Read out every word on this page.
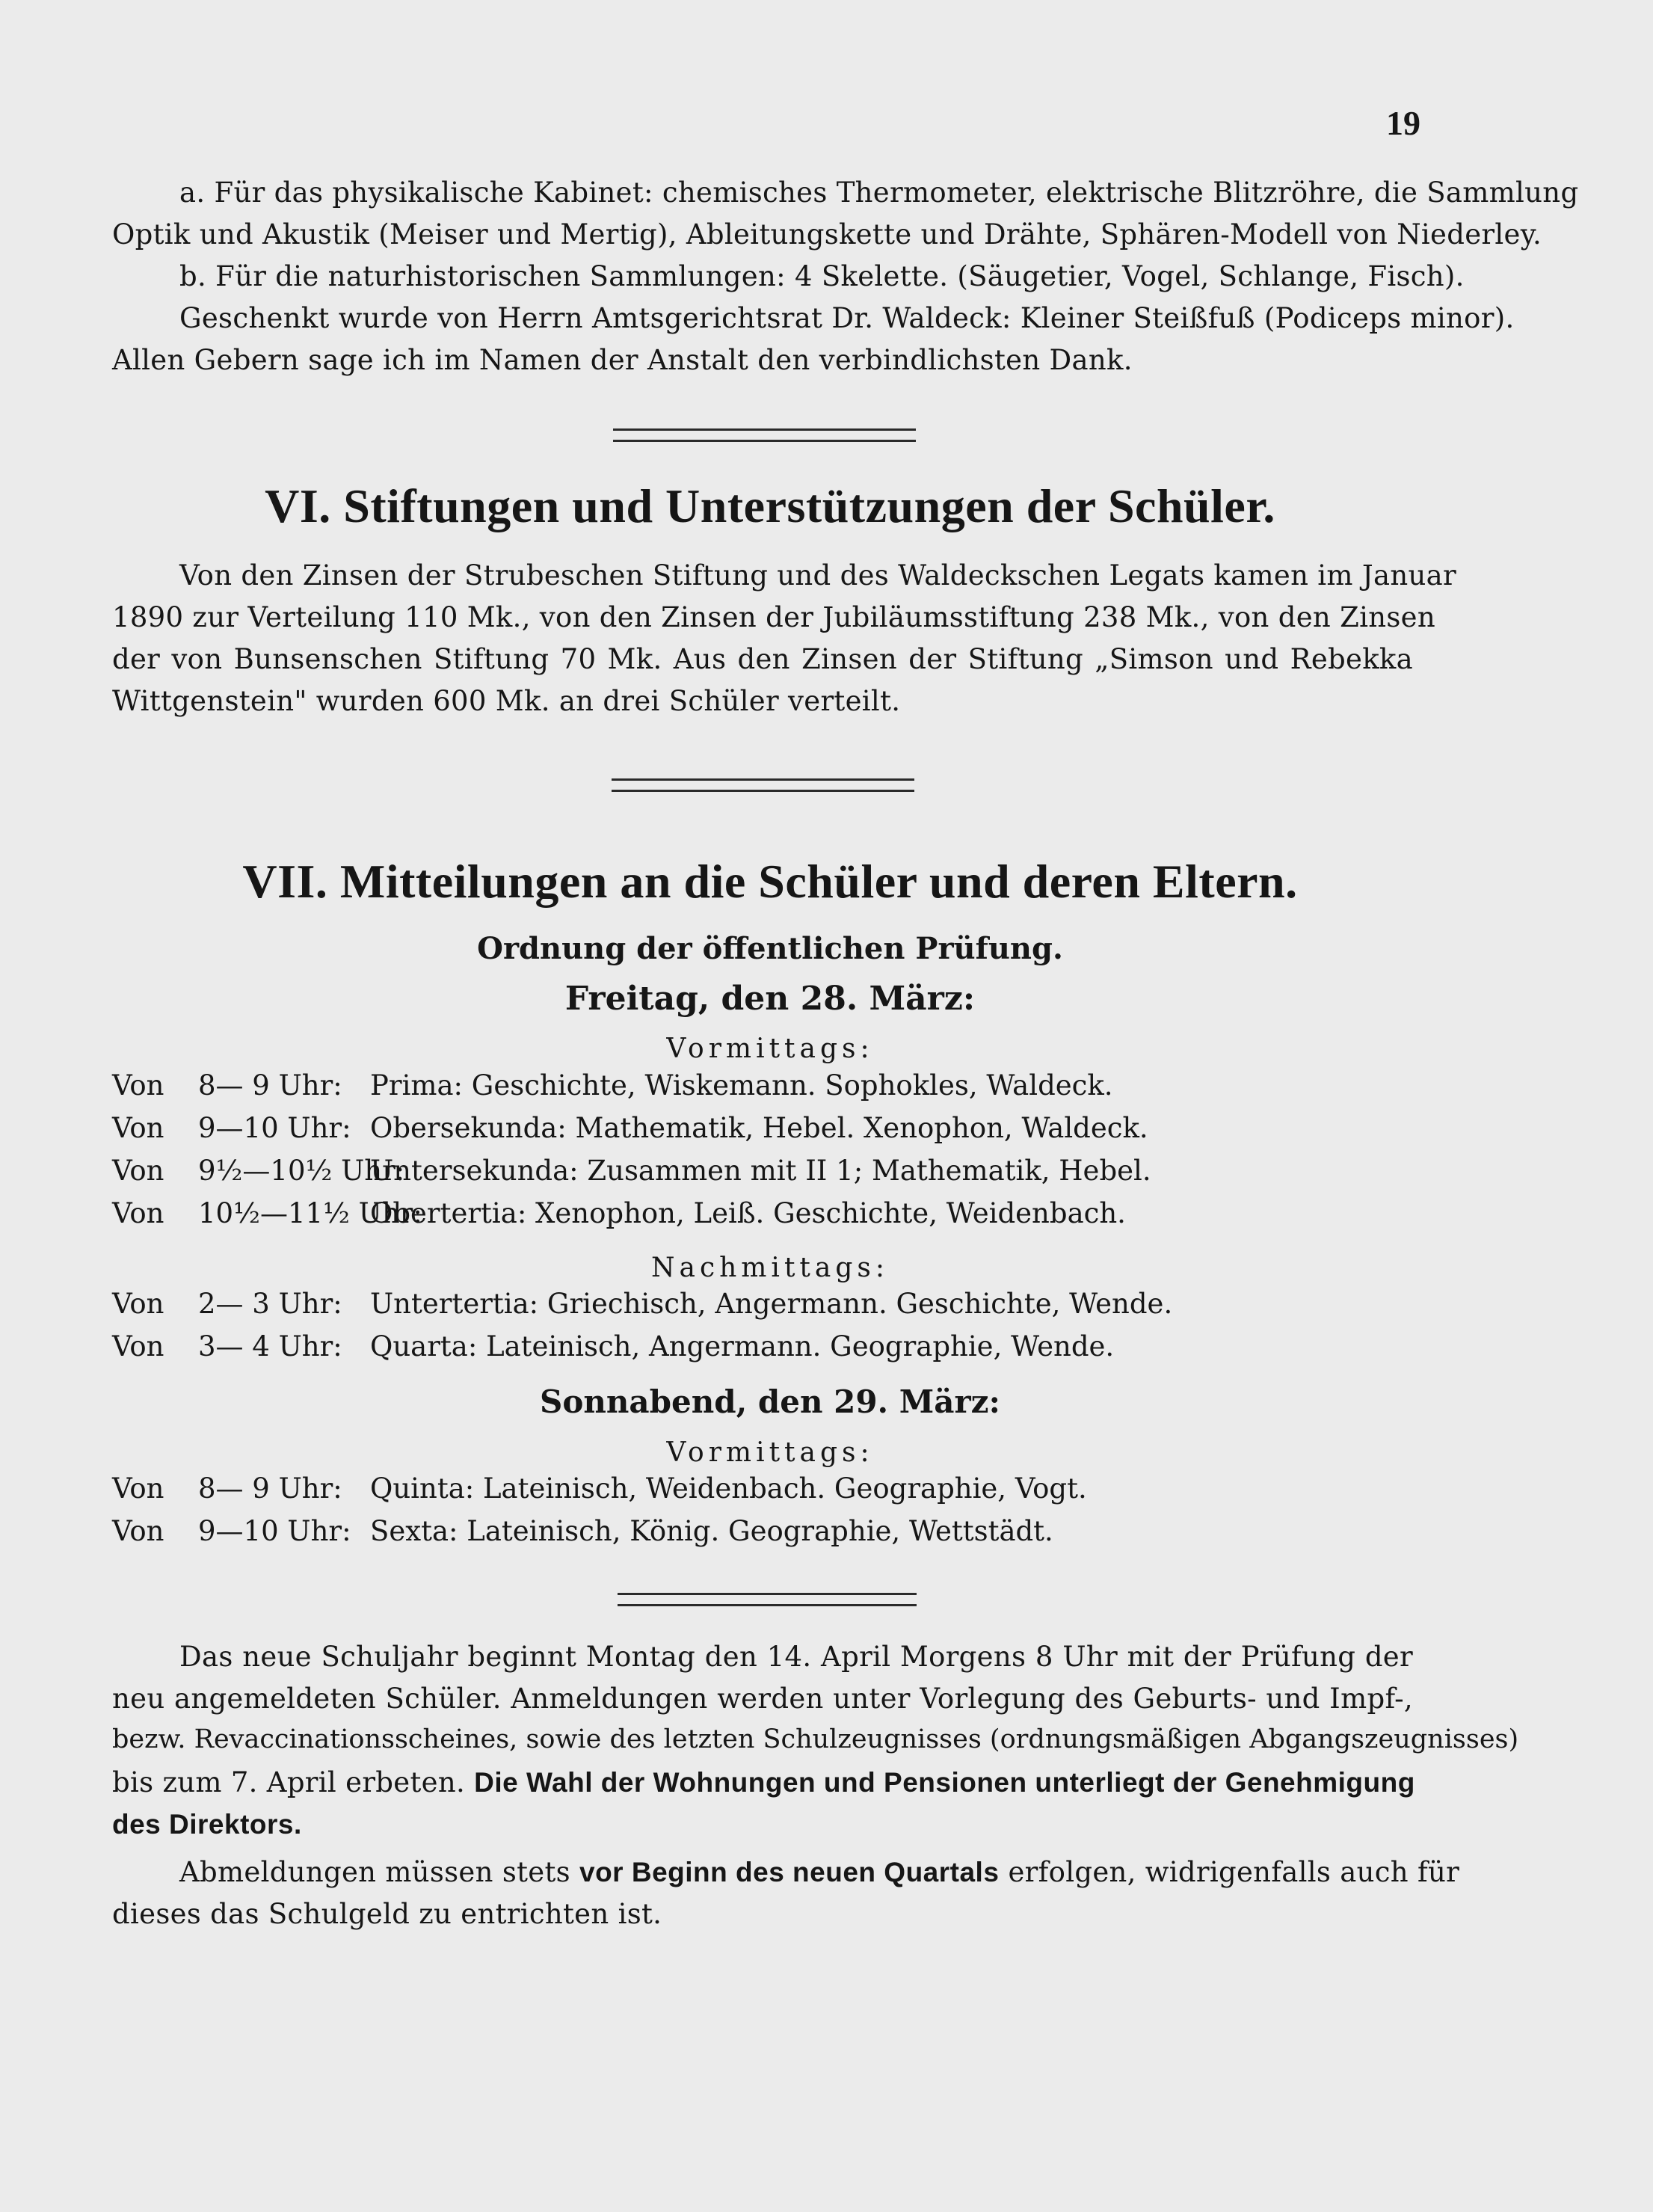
19
a. Für das physikalische Kabinet: chemisches Thermometer, elektrische Blitzröhre, die Sammlung
Optik und Akustik (Meiser und Mertig), Ableitungskette und Drähte, Sphären-Modell von Niederley.
b. Für die naturhistorischen Sammlungen: 4 Skelette. (Säugetier, Vogel, Schlange, Fisch).
Geschenkt wurde von Herrn Amtsgerichtsrat Dr. Waldeck: Kleiner Steißfuß (Podiceps minor).
Allen Gebern sage ich im Namen der Anstalt den verbindlichsten Dank.
VI. Stiftungen und Unterstützungen der Schüler.
Von den Zinsen der Strubeschen Stiftung und des Waldeckschen Legats kamen im Januar
1890 zur Verteilung 110 Mk., von den Zinsen der Jubiläumsstiftung 238 Mk., von den Zinsen
der von Bunsenschen Stiftung 70 Mk. Aus den Zinsen der Stiftung „Simson und Rebekka
Wittgenstein" wurden 600 Mk. an drei Schüler verteilt.
VII. Mitteilungen an die Schüler und deren Eltern.
Ordnung der öffentlichen Prüfung.
Freitag, den 28. März:
Vormittags:
Von 8— 9 Uhr: Prima: Geschichte, Wiskemann. Sophokles, Waldeck.
Von 9—10 Uhr: Obersekunda: Mathematik, Hebel. Xenophon, Waldeck.
Von 9½—10½ Uhr:
Untersekunda: Zusammen mit II 1; Mathematik, Hebel.
Von 10½—11½ Uhr:
Obertertia: Xenophon, Leiß. Geschichte, Weidenbach.
Nachmittags:
Von 2— 3 Uhr: Untertertia: Griechisch, Angermann. Geschichte, Wende.
Von 3— 4 Uhr: Quarta: Lateinisch, Angermann. Geographie, Wende.
Sonnabend, den 29. März:
Vormittags:
Von 8— 9 Uhr: Quinta: Lateinisch, Weidenbach. Geographie, Vogt.
Von 9—10 Uhr: Sexta: Lateinisch, König. Geographie, Wettstädt.
Das neue Schuljahr beginnt Montag den 14. April Morgens 8 Uhr mit der Prüfung der
neu angemeldeten Schüler. Anmeldungen werden unter Vorlegung des Geburts- und Impf-,
bezw. Revaccinationsscheines, sowie des letzten Schulzeugnisses (ordnungsmäßigen Abgangszeugnisses)
bis zum 7. April erbeten. Die Wahl der Wohnungen und Pensionen unterliegt der Genehmigung
des Direktors.
Abmeldungen müssen stets vor Beginn des neuen Quartals erfolgen, widrigenfalls auch für
dieses das Schulgeld zu entrichten ist.
